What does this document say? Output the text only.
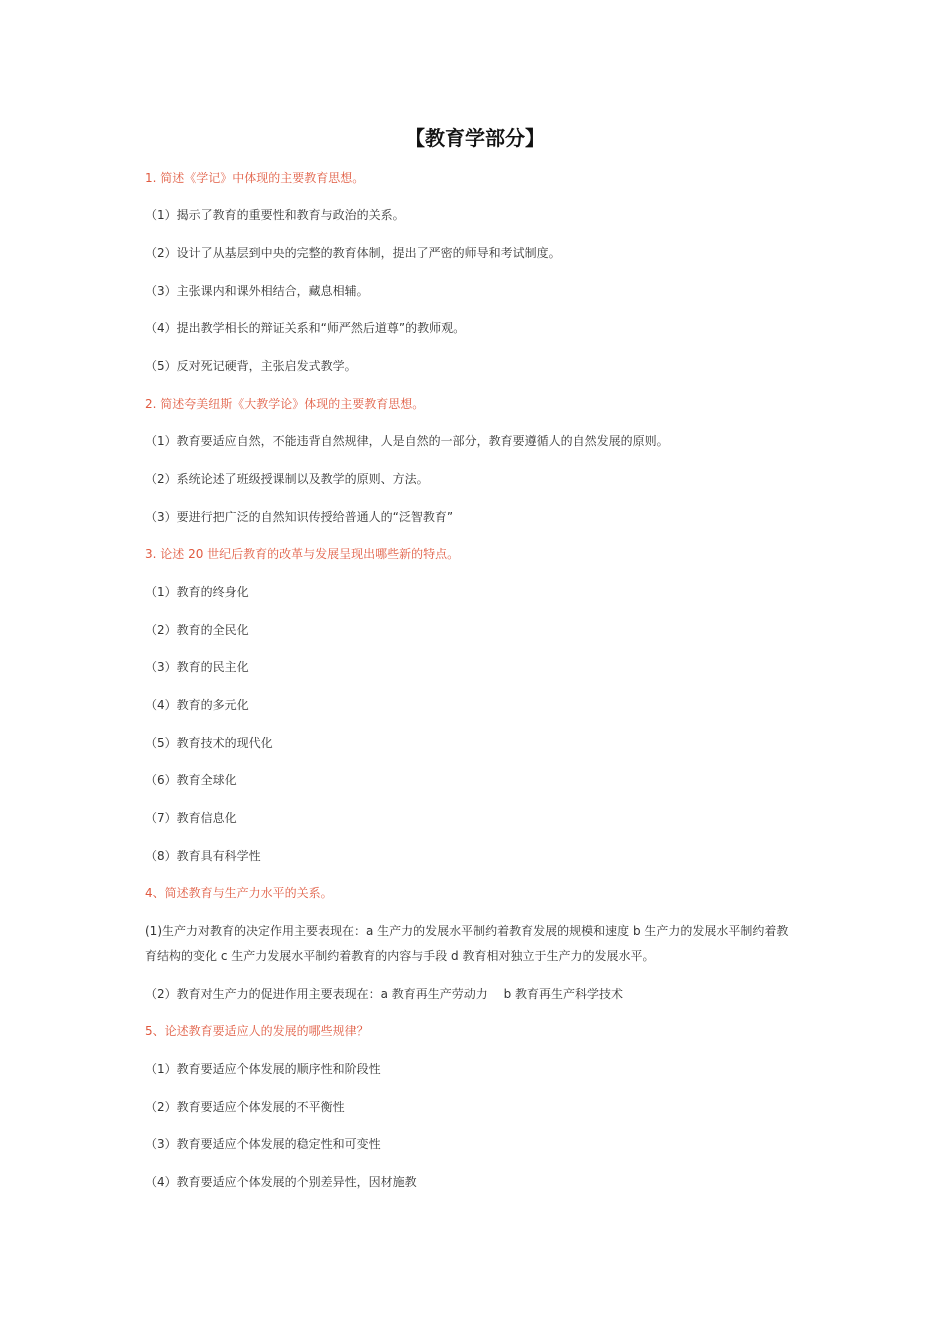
【教育学部分】
1. 简述《学记》中体现的主要教育思想。
（1）揭示了教育的重要性和教育与政治的关系。
（2）设计了从基层到中央的完整的教育体制，提出了严密的师导和考试制度。
（3）主张课内和课外相结合，藏息相辅。
（4）提出教学相长的辩证关系和“师严然后道尊”的教师观。
（5）反对死记硬背，主张启发式教学。
2. 简述夸美纽斯《大教学论》体现的主要教育思想。
（1）教育要适应自然，不能违背自然规律，人是自然的一部分，教育要遵循人的自然发展的原则。
（2）系统论述了班级授课制以及教学的原则、方法。
（3）要进行把广泛的自然知识传授给普通人的“泛智教育”
3. 论述 20 世纪后教育的改革与发展呈现出哪些新的特点。
（1）教育的终身化
（2）教育的全民化
（3）教育的民主化
（4）教育的多元化
（5）教育技术的现代化
（6）教育全球化
（7）教育信息化
（8）教育具有科学性
4、简述教育与生产力水平的关系。
(1)生产力对教育的决定作用主要表现在：a 生产力的发展水平制约着教育发展的规模和速度 b 生产力的发展水平制约着教育结构的变化 c 生产力发展水平制约着教育的内容与手段 d 教育相对独立于生产力的发展水平。
（2）教育对生产力的促进作用主要表现在：a 教育再生产劳动力　 b 教育再生产科学技术
5、论述教育要适应人的发展的哪些规律？
（1）教育要适应个体发展的顺序性和阶段性
（2）教育要适应个体发展的不平衡性
（3）教育要适应个体发展的稳定性和可变性
（4）教育要适应个体发展的个别差异性，因材施教
